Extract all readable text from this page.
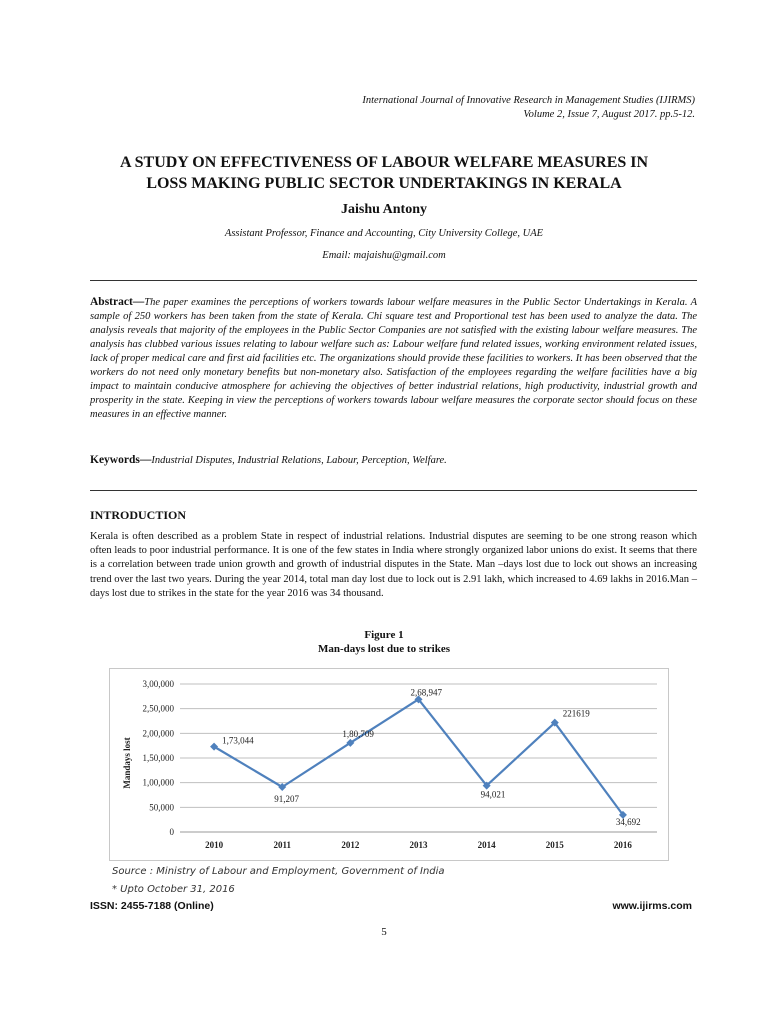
International Journal of Innovative Research in Management Studies (IJIRMS)
Volume 2, Issue 7, August 2017. pp.5-12.
A STUDY ON EFFECTIVENESS OF LABOUR WELFARE MEASURES IN
LOSS MAKING PUBLIC SECTOR UNDERTAKINGS IN KERALA
Jaishu Antony
Assistant Professor, Finance and Accounting, City University College, UAE
Email: majaishu@gmail.com
Abstract—The paper examines the perceptions of workers towards labour welfare measures in the Public Sector Undertakings in Kerala. A sample of 250 workers has been taken from the state of Kerala. Chi square test and Proportional test has been used to analyze the data. The analysis reveals that majority of the employees in the Public Sector Companies are not satisfied with the existing labour welfare measures. The analysis has clubbed various issues relating to labour welfare such as: Labour welfare fund related issues, working environment related issues, lack of proper medical care and first aid facilities etc. The organizations should provide these facilities to workers. It has been observed that the workers do not need only monetary benefits but non-monetary also. Satisfaction of the employees regarding the welfare facilities have a big impact to maintain conducive atmosphere for achieving the objectives of better industrial relations, high productivity, industrial growth and prosperity in the state. Keeping in view the perceptions of workers towards labour welfare measures the corporate sector should focus on these measures in an effective manner.
Keywords—Industrial Disputes, Industrial Relations, Labour, Perception, Welfare.
INTRODUCTION
Kerala is often described as a problem State in respect of industrial relations. Industrial disputes are seeming to be one strong reason which often leads to poor industrial performance. It is one of the few states in India where strongly organized labor unions do exist. It seems that there is a correlation between trade union growth and growth of industrial disputes in the State. Man –days lost due to lock out shows an increasing trend over the last two years. During the year 2014, total man day lost due to lock out is 2.91 lakh, which increased to 4.69 lakhs in 2016.Man –days lost due to strikes in the state for the year 2016 was 34 thousand.
Figure 1
Man-days lost due to strikes
0
50,000
1,00,000
1,50,000
2,00,000
2,50,000
3,00,000
2010	2011	2012	2013	2014	2015	2016
Mandays lost	1,73,044
91,207
1,80,709
2,68,947
94,021
221619
34,692
Source : Ministry of Labour and Employment, Government of India
* Upto October 31, 2016
ISSN: 2455-7188 (Online)	www.ijirms.com
5
